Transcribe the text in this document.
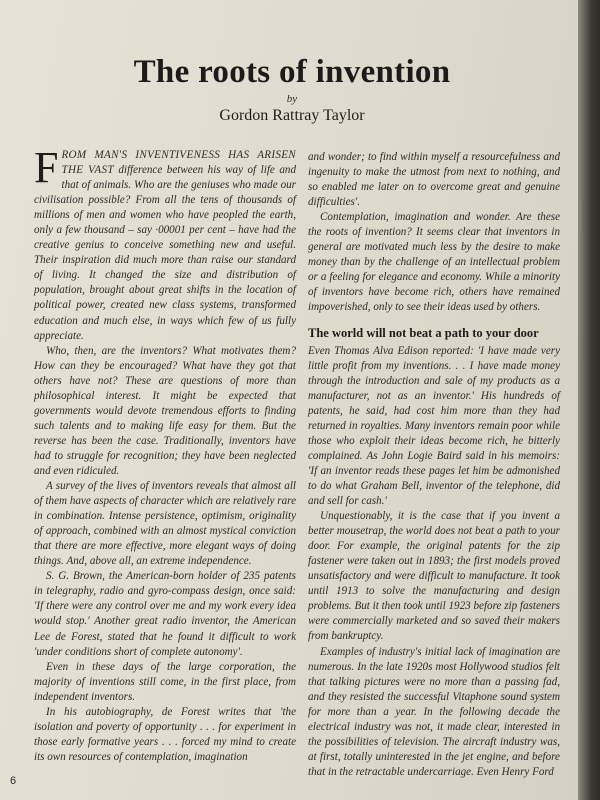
The roots of invention
by
Gordon Rattray Taylor

FROM MAN'S INVENTIVENESS HAS ARISEN THE VAST difference between his way of life and that of animals. Who are the geniuses who made our civilisation possible? From all the tens of thousands of millions of men and women who have peopled the earth, only a few thousand – say ·00001 per cent – have had the creative genius to conceive something new and useful. Their inspiration did much more than raise our standard of living. It changed the size and distribution of population, brought about great shifts in the location of political power, created new class systems, transformed education and much else, in ways which few of us fully appreciate.

Who, then, are the inventors? What motivates them? How can they be encouraged? What have they got that others have not? These are questions of more than philosophical interest. It might be expected that governments would devote tremendous efforts to finding such talents and to making life easy for them. But the reverse has been the case. Traditionally, inventors have had to struggle for recognition; they have been neglected and even ridiculed.

A survey of the lives of inventors reveals that almost all of them have aspects of character which are relatively rare in combination. Intense persistence, optimism, originality of approach, combined with an almost mystical conviction that there are more effective, more elegant ways of doing things. And, above all, an extreme independence.

S. G. Brown, the American-born holder of 235 patents in telegraphy, radio and gyro-compass design, once said: 'If there were any control over me and my work every idea would stop.' Another great radio inventor, the American Lee de Forest, stated that he found it difficult to work 'under conditions short of complete autonomy'.

Even in these days of the large corporation, the majority of inventions still come, in the first place, from independent inventors.

In his autobiography, de Forest writes that 'the isolation and poverty of opportunity . . . for experiment in those early formative years . . . forced my mind to create its own resources of contemplation, imagination

and wonder; to find within myself a resourcefulness and ingenuity to make the utmost from next to nothing, and so enabled me later on to overcome great and genuine difficulties'.

Contemplation, imagination and wonder. Are these the roots of invention? It seems clear that inventors in general are motivated much less by the desire to make money than by the challenge of an intellectual problem or a feeling for elegance and economy. While a minority of inventors have become rich, others have remained impoverished, only to see their ideas used by others.

The world will not beat a path to your door

Even Thomas Alva Edison reported: 'I have made very little profit from my inventions. . . I have made money through the introduction and sale of my products as a manufacturer, not as an inventor.' His hundreds of patents, he said, had cost him more than they had returned in royalties. Many inventors remain poor while those who exploit their ideas become rich, he bitterly complained. As John Logie Baird said in his memoirs: 'If an inventor reads these pages let him be admonished to do what Graham Bell, inventor of the telephone, did and sell for cash.'

Unquestionably, it is the case that if you invent a better mousetrap, the world does not beat a path to your door. For example, the original patents for the zip fastener were taken out in 1893; the first models proved unsatisfactory and were difficult to manufacture. It took until 1913 to solve the manufacturing and design problems. But it then took until 1923 before zip fasteners were commercially marketed and so saved their makers from bankruptcy.

Examples of industry's initial lack of imagination are numerous. In the late 1920s most Hollywood studios felt that talking pictures were no more than a passing fad, and they resisted the successful Vitaphone sound system for more than a year. In the following decade the electrical industry was not, it made clear, interested in the possibilities of television. The aircraft industry was, at first, totally uninterested in the jet engine, and before that in the retractable undercarriage. Even Henry Ford

6
